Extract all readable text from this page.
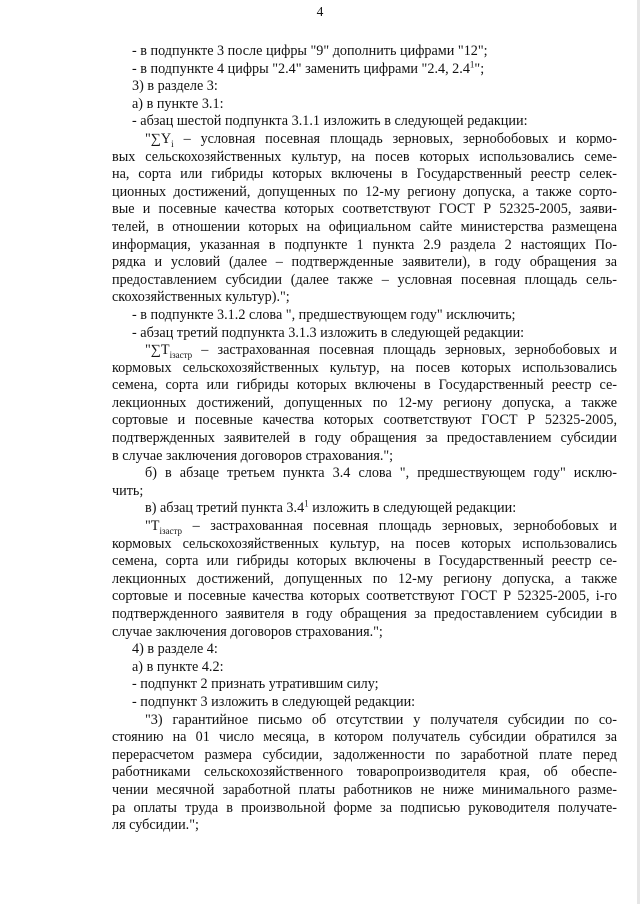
4
- в подпункте 3 после цифры "9" дополнить цифрами "12";
- в подпункте 4 цифры "2.4" заменить цифрами "2.4, $2.4^1$";
3) в разделе 3:
а) в пункте 3.1:
- абзац шестой подпункта 3.1.1 изложить в следующей редакции:
"$\sum Y_i$ – условная посевная площадь зерновых, зернобобовых и кормо-
вых сельскохозяйственных культур, на посев которых использовались семе-
на, сорта или гибриды которых включены в Государственный реестр селек-
ционных достижений, допущенных по 12-му региону допуска, а также сорто-
вые и посевные качества которых соответствуют ГОСТ Р 52325-2005, заяви-
телей, в отношении которых на официальном сайте министерства размещена
информация, указанная в подпункте 1 пункта 2.9 раздела 2 настоящих По-
рядка и условий (далее – подтвержденные заявители), в году обращения за
предоставлением субсидии (далее также – условная посевная площадь сель-
скохозяйственных культур).";
- в подпункте 3.1.2 слова ", предшествующем году" исключить;
- абзац третий подпункта 3.1.3 изложить в следующей редакции:
"$\sum T_{iзастр}$ – застрахованная посевная площадь зерновых, зернобобовых и
кормовых сельскохозяйственных культур, на посев которых использовались
семена, сорта или гибриды которых включены в Государственный реестр се-
лекционных достижений, допущенных по 12-му региону допуска, а также
сортовые и посевные качества которых соответствуют ГОСТ Р 52325-2005,
подтвержденных заявителей в году обращения за предоставлением субсидии
в случае заключения договоров страхования.";
б) в абзаце третьем пункта 3.4 слова ", предшествующем году" исклю-
чить;
в) абзац третий пункта $3.4^1$ изложить в следующей редакции:
"$T_{iзастр}$ – застрахованная посевная площадь зерновых, зернобобовых и
кормовых сельскохозяйственных культур, на посев которых использовались
семена, сорта или гибриды которых включены в Государственный реестр се-
лекционных достижений, допущенных по 12-му региону допуска, а также
сортовые и посевные качества которых соответствуют ГОСТ Р 52325-2005, i-го
подтвержденного заявителя в году обращения за предоставлением субсидии в
случае заключения договоров страхования.";
4) в разделе 4:
а) в пункте 4.2:
- подпункт 2 признать утратившим силу;
- подпункт 3 изложить в следующей редакции:
"3) гарантийное письмо об отсутствии у получателя субсидии по со-
стоянию на 01 число месяца, в котором получатель субсидии обратился за
перерасчетом размера субсидии, задолженности по заработной плате перед
работниками сельскохозяйственного товаропроизводителя края, об обеспе-
чении месячной заработной платы работников не ниже минимального разме-
ра оплаты труда в произвольной форме за подписью руководителя получате-
ля субсидии.";
